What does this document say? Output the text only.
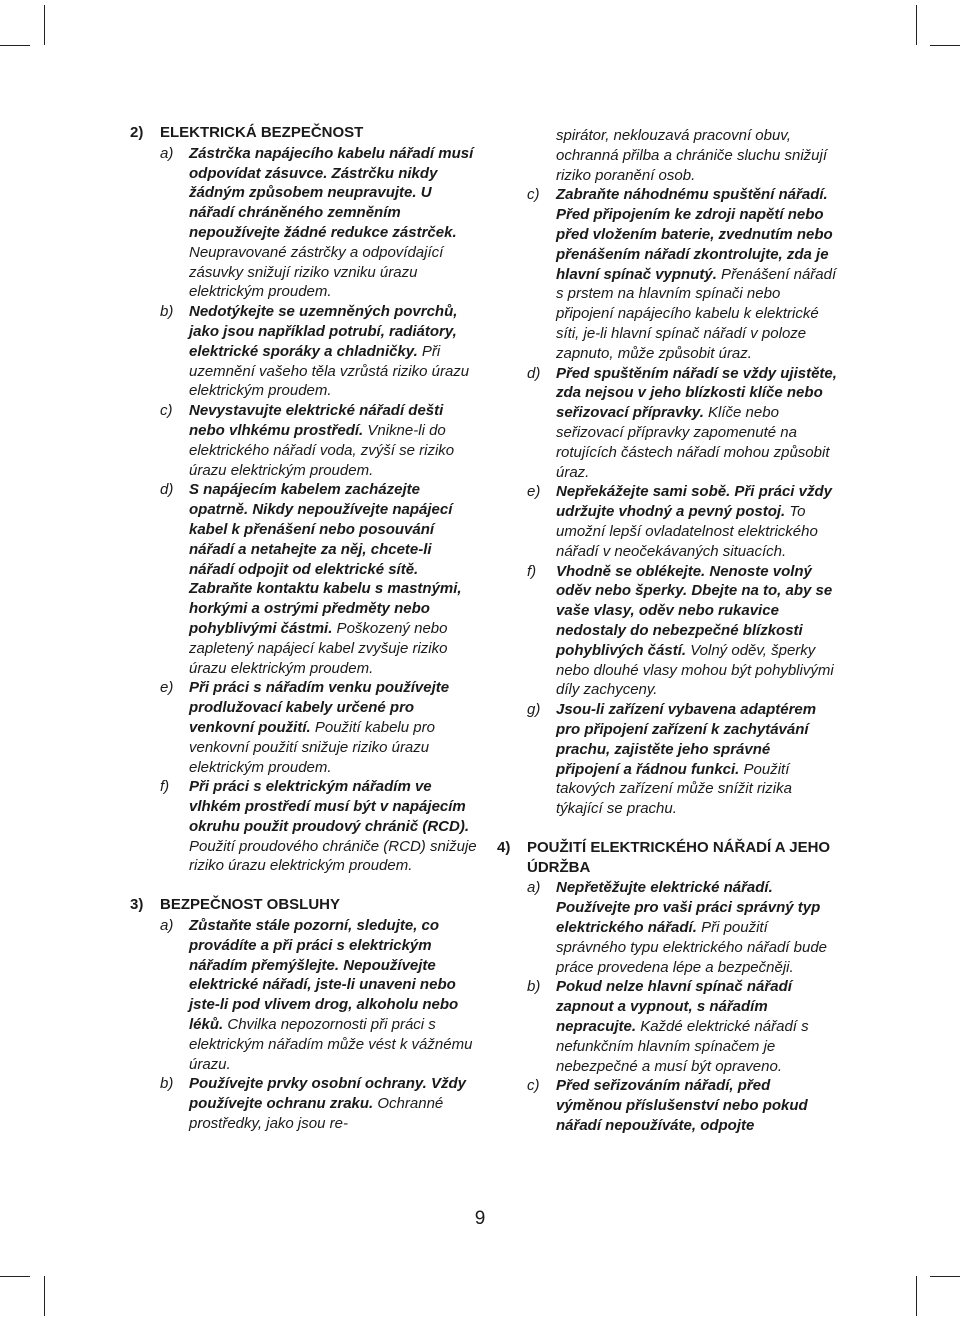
2)	ELEKTRICKÁ BEZPEČNOST
a)	Zástrčka napájecího kabelu nářadí musí odpovídat zásuvce. Zástrčku nikdy žádným způsobem neupravujte. U nářadí chráněného zemněním nepoužívejte žádné redukce zástrček. Neupravované zástrčky a odpovídající zásuvky snižují riziko vzniku úrazu elektrickým proudem.
b)	Nedotýkejte se uzemněných povrchů, jako jsou například potrubí, radiátory, elektrické sporáky a chladničky. Při uzemnění vašeho těla vzrůstá riziko úrazu elektrickým proudem.
c)	Nevystavujte elektrické nářadí dešti nebo vlhkému prostředí. Vnikne-li do elektrického nářadí voda, zvýší se riziko úrazu elektrickým proudem.
d)	S napájecím kabelem zacházejte opatrně. Nikdy nepoužívejte napájecí kabel k přenášení nebo posouvání nářadí a netahejte za něj, chcete-li nářadí odpojit od elektrické sítě. Zabraňte kontaktu kabelu s mastnými, horkými a ostrými předměty nebo pohyblivými částmi. Poškozený nebo zapletený napájecí kabel zvyšuje riziko úrazu elektrickým proudem.
e)	Při práci s nářadím venku používejte prodlužovací kabely určené pro venkovní použití. Použití kabelu pro venkovní použití snižuje riziko úrazu elektrickým proudem.
f)	Při práci s elektrickým nářadím ve vlhkém prostředí musí být v napájecím okruhu použit proudový chránič (RCD). Použití proudového chrániče (RCD) snižuje riziko úrazu elektrickým proudem.
3)	BEZPEČNOST OBSLUHY
a)	Zůstaňte stále pozorní, sledujte, co provádíte a při práci s elektrickým nářadím přemýšlejte. Nepoužívejte elektrické nářadí, jste-li unaveni nebo jste-li pod vlivem drog, alkoholu nebo léků. Chvilka nepozornosti při práci s elektrickým nářadím může vést k vážnému úrazu.
b)	Používejte prvky osobní ochrany. Vždy používejte ochranu zraku. Ochranné prostředky, jako jsou re-
spirátor, neklouzavá pracovní obuv, ochranná přilba a chrániče sluchu snižují riziko poranění osob.
c)	Zabraňte náhodnému spuštění nářadí. Před připojením ke zdroji napětí nebo před vložením baterie, zvednutím nebo přenášením nářadí zkontrolujte, zda je hlavní spínač vypnutý. Přenášení nářadí s prstem na hlavním spínači nebo připojení napájecího kabelu k elektrické síti, je-li hlavní spínač nářadí v poloze zapnuto, může způsobit úraz.
d)	Před spuštěním nářadí se vždy ujistěte, zda nejsou v jeho blízkosti klíče nebo seřizovací přípravky. Klíče nebo seřizovací přípravky zapomenuté na rotujících částech nářadí mohou způsobit úraz.
e)	Nepřekážejte sami sobě. Při práci vždy udržujte vhodný a pevný postoj. To umožní lepší ovladatelnost elektrického nářadí v neočekávaných situacích.
f)	Vhodně se oblékejte. Nenoste volný oděv nebo šperky. Dbejte na to, aby se vaše vlasy, oděv nebo rukavice nedostaly do nebezpečné blízkosti pohyblivých částí. Volný oděv, šperky nebo dlouhé vlasy mohou být pohyblivými díly zachyceny.
g)	Jsou-li zařízení vybavena adaptérem pro připojení zařízení k zachytávání prachu, zajistěte jeho správné připojení a řádnou funkci. Použití takových zařízení může snížit rizika týkající se prachu.
4)	POUŽITÍ ELEKTRICKÉHO NÁŘADÍ A JEHO ÚDRŽBA
a)	Nepřetěžujte elektrické nářadí. Používejte pro vaši práci správný typ elektrického nářadí. Při použití správného typu elektrického nářadí bude práce provedena lépe a bezpečněji.
b)	Pokud nelze hlavní spínač nářadí zapnout a vypnout, s nářadím nepracujte. Každé elektrické nářadí s nefunkčním hlavním spínačem je nebezpečné a musí být opraveno.
c)	Před seřizováním nářadí, před výměnou příslušenství nebo pokud nářadí nepoužíváte, odpojte
9
